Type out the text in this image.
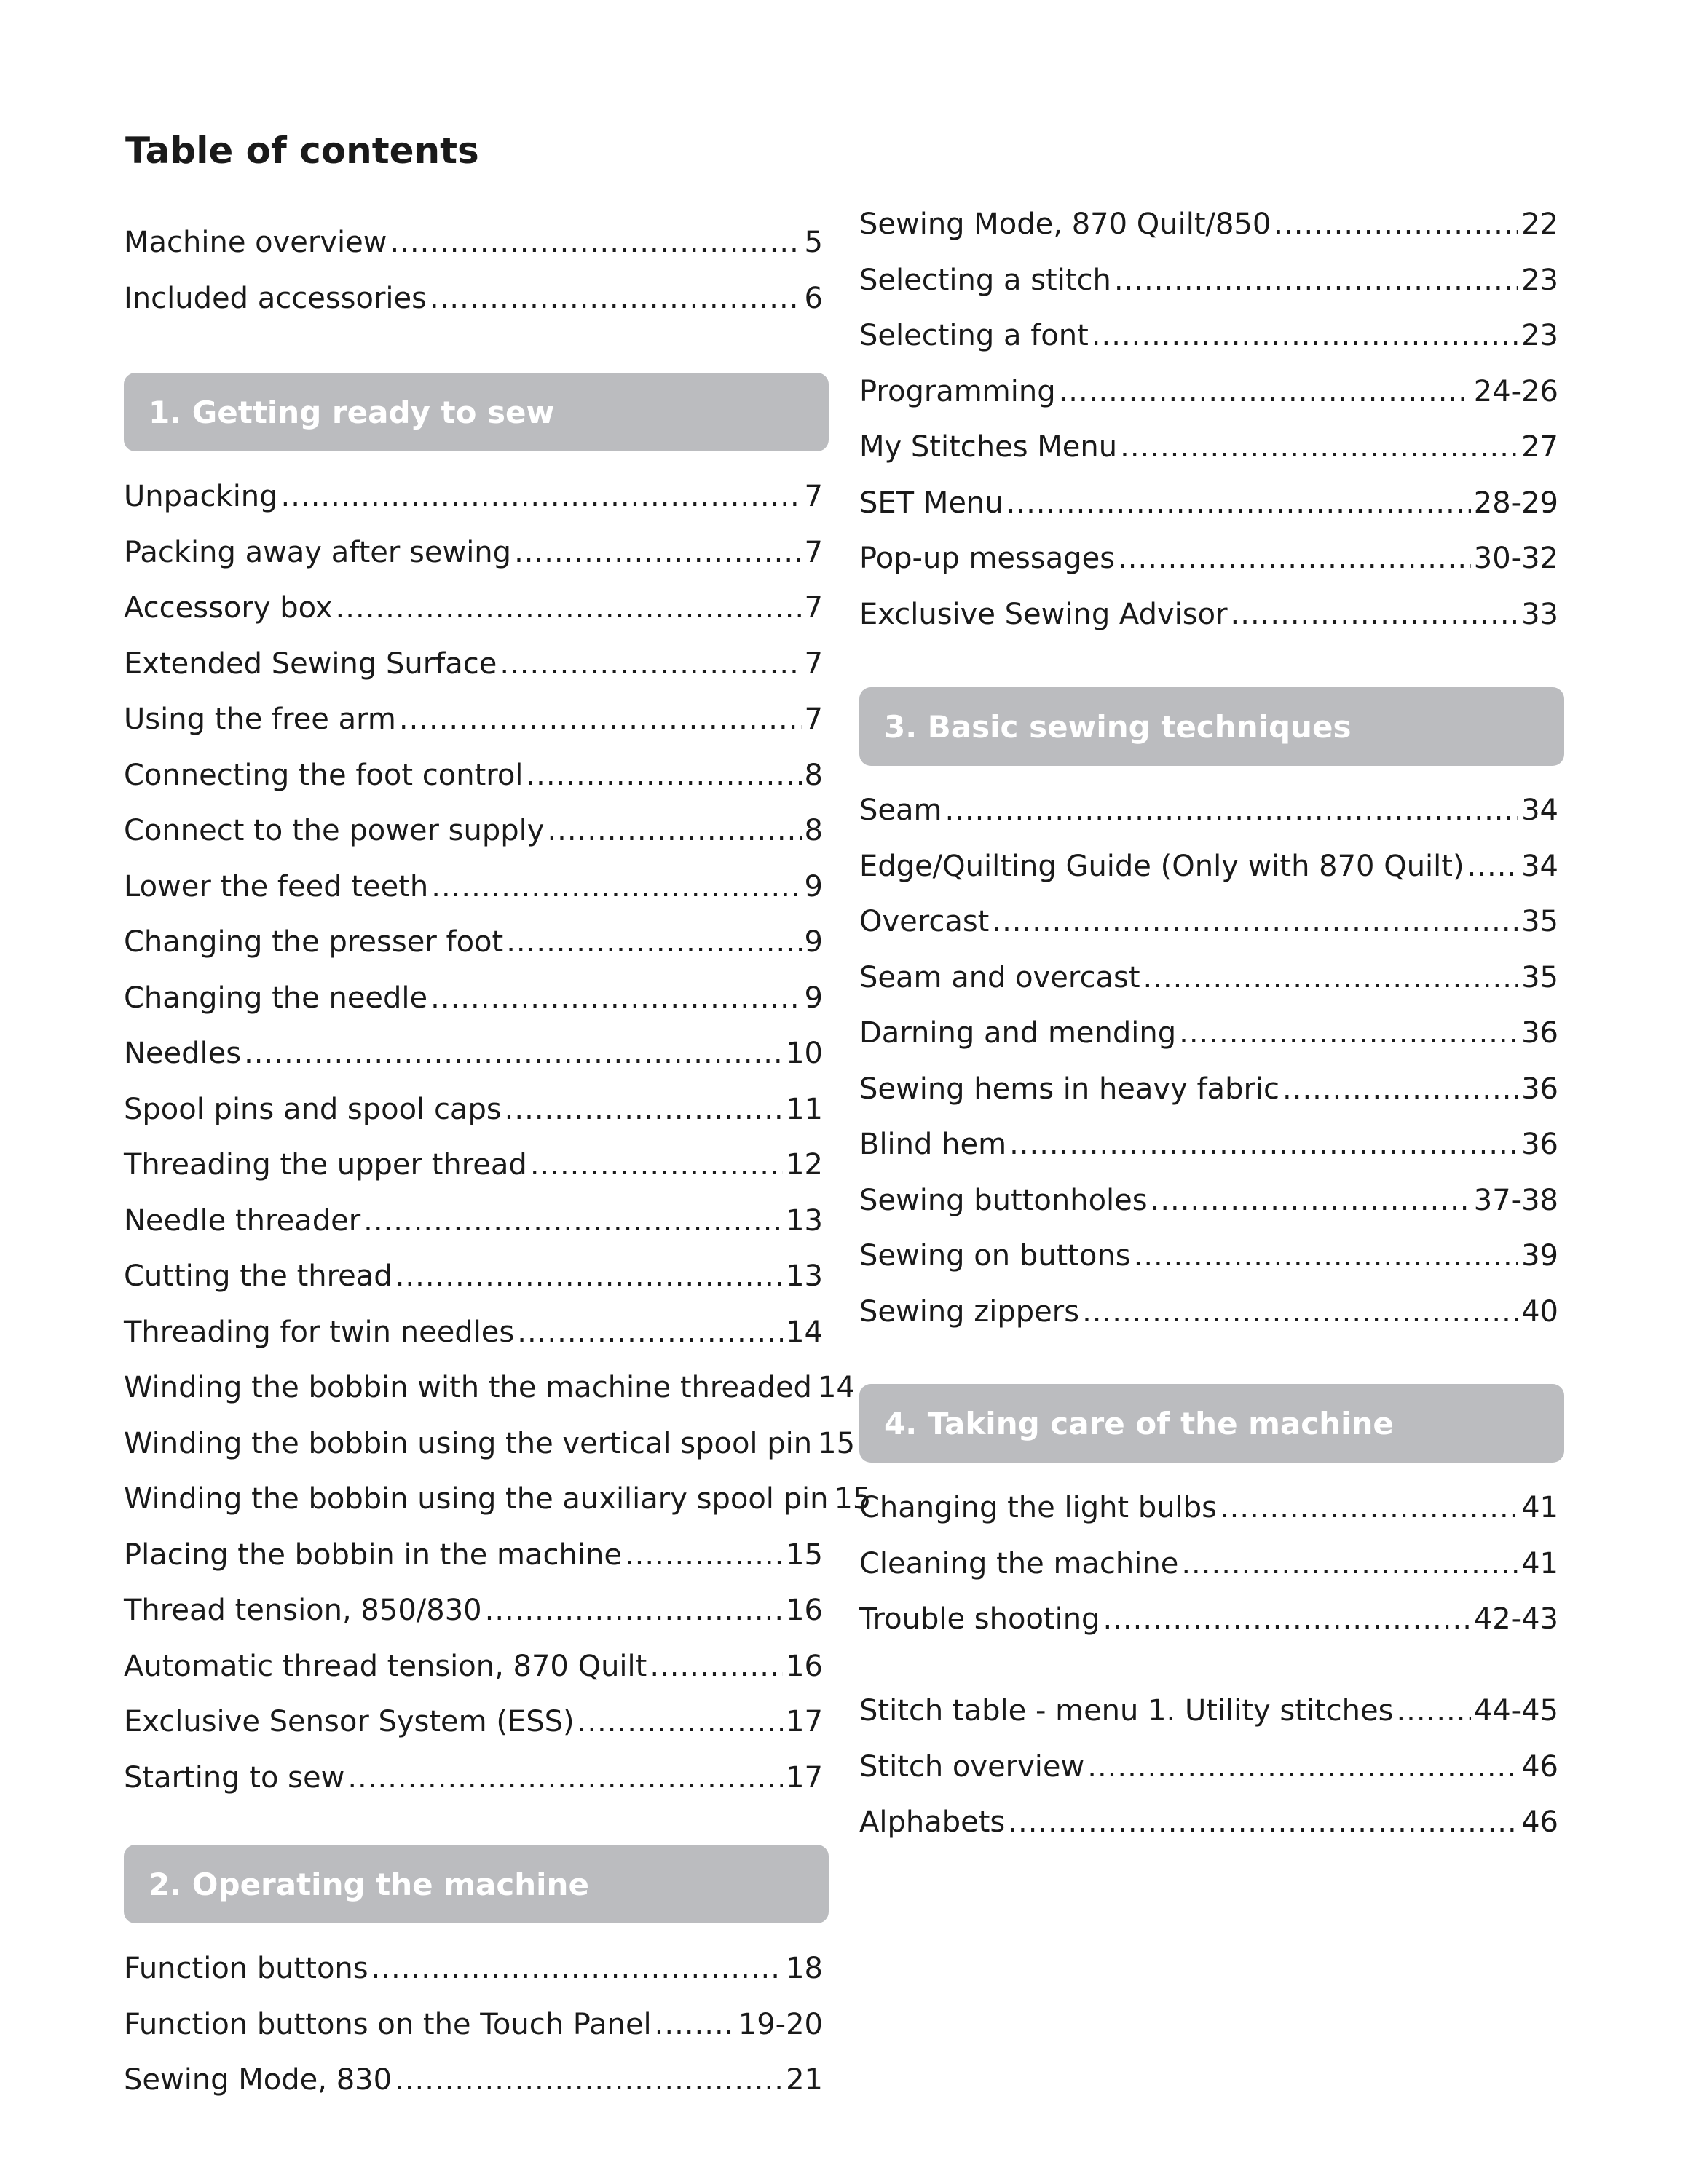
Table of contents
Machine overview .....	5
Included accessories .....	6
1. Getting ready to sew
Unpacking .....	7
Packing away after sewing .....	7
Accessory box .....	7
Extended Sewing Surface .....	7
Using the free arm .....	7
Connecting the foot control .....	8
Connect to the power supply .....	8
Lower the feed teeth .....	9
Changing the presser foot .....	9
Changing the needle .....	9
Needles .....	10
Spool pins and spool caps .....	11
Threading the upper thread .....	12
Needle threader .....	13
Cutting the thread .....	13
Threading for twin needles .....	14
Winding the bobbin with the machine threaded 14
Winding the bobbin using the vertical spool pin 15
Winding the bobbin using the auxiliary spool pin 15
Placing the bobbin in the machine .....	15
Thread tension, 850/830 .....	16
Automatic thread tension, 870 Quilt .....	16
Exclusive Sensor System (ESS) .....	17
Starting to sew .....	17
2. Operating the machine
Function buttons .....	18
Function buttons on the Touch Panel .....	19-20
Sewing Mode, 830 .....	21
Sewing Mode, 870 Quilt/850 .....	22
Selecting a stitch .....	23
Selecting a font .....	23
Programming .....	24-26
My Stitches Menu .....	27
SET Menu .....	28-29
Pop-up messages .....	30-32
Exclusive Sewing Advisor .....	33
3. Basic sewing techniques
Seam .....	34
Edge/Quilting Guide (Only with 870 Quilt) ..... 34
Overcast .....	35
Seam and overcast .....	35
Darning and mending .....	36
Sewing hems in heavy fabric .....	36
Blind hem .....	36
Sewing buttonholes .....	37-38
Sewing on buttons .....	39
Sewing zippers .....	40
4. Taking care of the machine
Changing the light bulbs .....	41
Cleaning the machine .....	41
Trouble shooting .....	42-43
Stitch table - menu 1. Utility stitches .....	44-45
Stitch overview .....	46
Alphabets .....	46
